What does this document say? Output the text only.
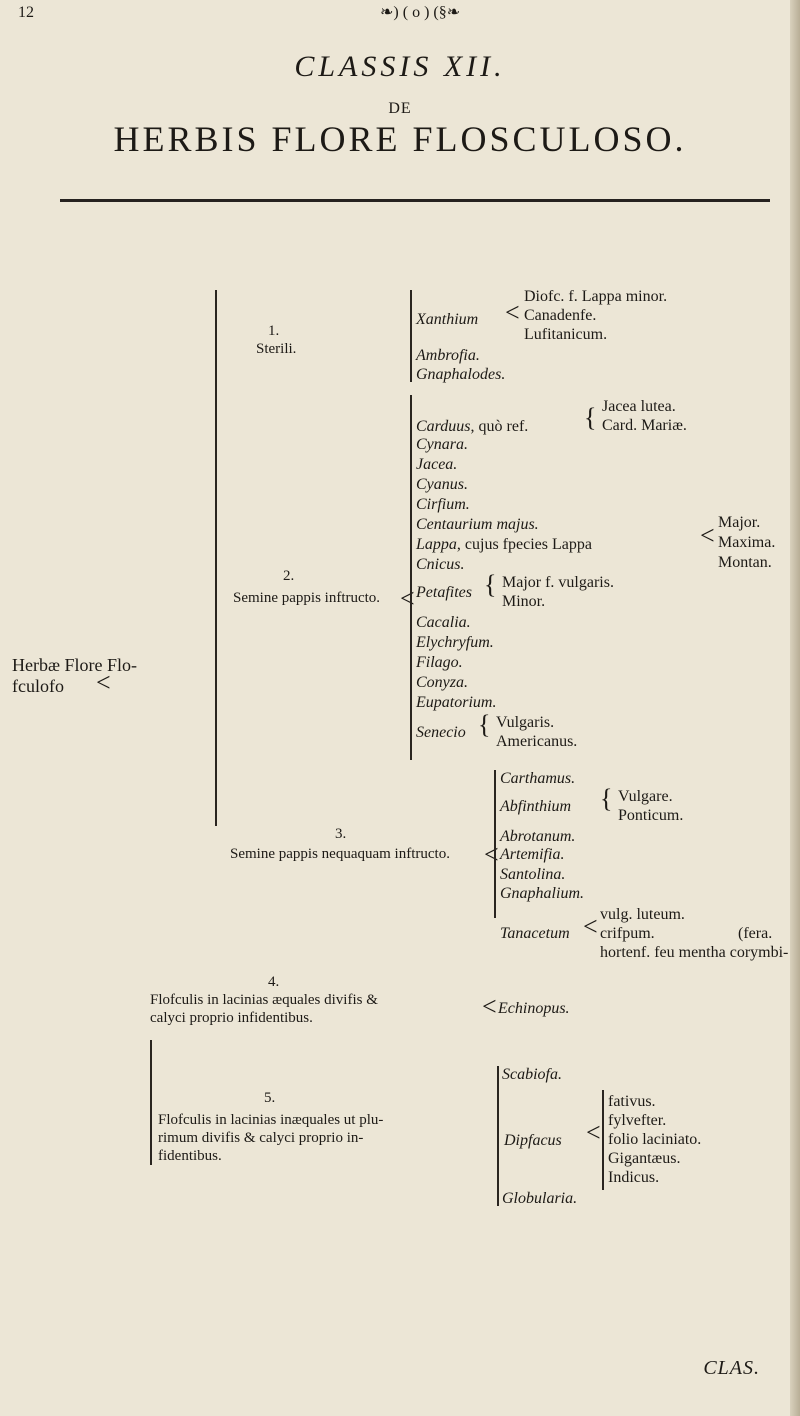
12	❧) ( o ) (§❧
CLASSIS XII.
DE
HERBIS FLORE FLOSCULOSO.
Herbæ Flore Flo-
fculofo <
1.
Sterili.
Xanthium <
Diofc. f. Lappa minor.
Canadenfe.
Lufitanicum.
Ambrofia.
Gnaphalodes.
2.
Semine pappis inftructo. <
Carduus, quò ref. { Jacea lutea.
Card. Mariæ.
Cynara.
Jacea.
Cyanus.
Cirfium.
Centaurium majus.
Lappa, cujus fpecies Lappa
Cnicus.
< Major.
Maxima.
Montan.
Petafites { Major f. vulgaris.
Minor.
Cacalia.
Elychryfum.
Filago.
Conyza.
Eupatorium.
Senecio { Vulgaris.
Americanus.
3.
Semine pappis nequaquam inftructo. <
Carthamus.
Abfinthium { Vulgare.
Ponticum.
Abrotanum.
Artemifia.
Santolina.
Gnaphalium.
Tanacetum < vulg. luteum.
crifpum.
hortenf. feu mentha corymbi-
(fera.
4.
Flofculis in lacinias æquales divifis &
calyci proprio infidentibus.	< Echinopus.
5.
Flofculis in lacinias inæquales ut plu-
rimum divifis & calyci proprio in-
fidentibus.
Scabiofa.
Dipfacus <
fativus.
fylvefter.
folio laciniato.
Gigantæus.
Indicus.
Globularia.
CLAS.
